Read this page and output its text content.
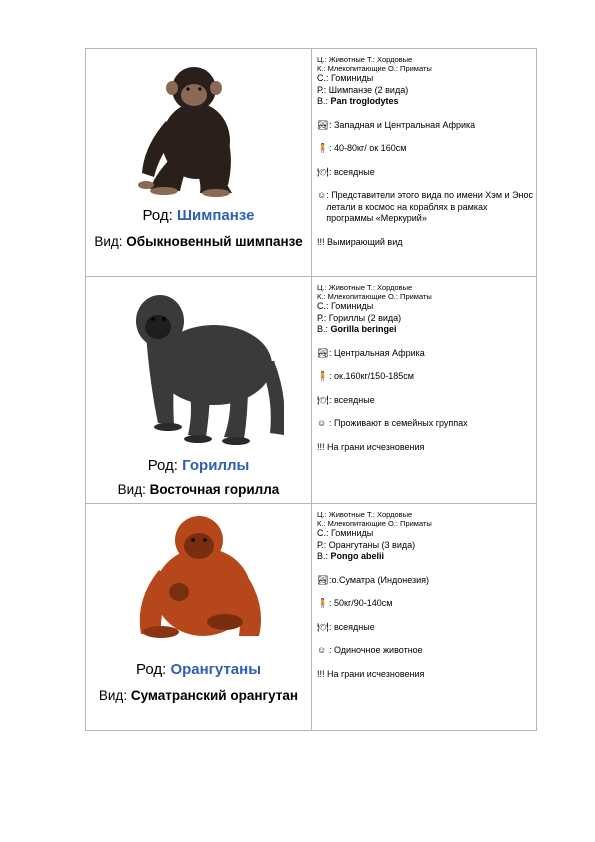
Род: Шимпанзе
Вид: Обыкновенный шимпанзе
Ц.: Животные Т.: Хордовые
К.: Млекопитающие О.: Приматы
С.: Гоминиды
Р.: Шимпанзе (2 вида)
В.: Pan troglodytes
🏞 : Западная и Центральная Африка
🧍 : 40-80кг/ ок 160см
🍽 : всеядные
☺ : Представители этого вида по имени Хэм и Энос летали в космос на кораблях в рамках программы «Меркурий»
!!! Вымирающий вид
Род: Гориллы
Вид: Восточная горилла
Ц.: Животные Т.: Хордовые
К.: Млекопитающие О.: Приматы
С.: Гоминиды
Р.: Гориллы (2 вида)
В.: Gorilla beringei
🏞 : Центральная Африка
🧍 : ок.160кг/150-185см
🍽 : всеядные
☺ : Проживают в семейных группах
!!! На грани исчезновения
Род: Орангутаны
Вид: Суматранский орангутан
Ц.: Животные Т.: Хордовые
К.: Млекопитающие О.: Приматы
С.: Гоминиды
Р.: Орангутаны (3 вида)
В.: Pongo abelii
🏞 :о.Суматра (Индонезия)
🧍 : 50кг/90-140см
🍽 : всеядные
☺ : Одиночное животное
!!! На грани исчезновения
